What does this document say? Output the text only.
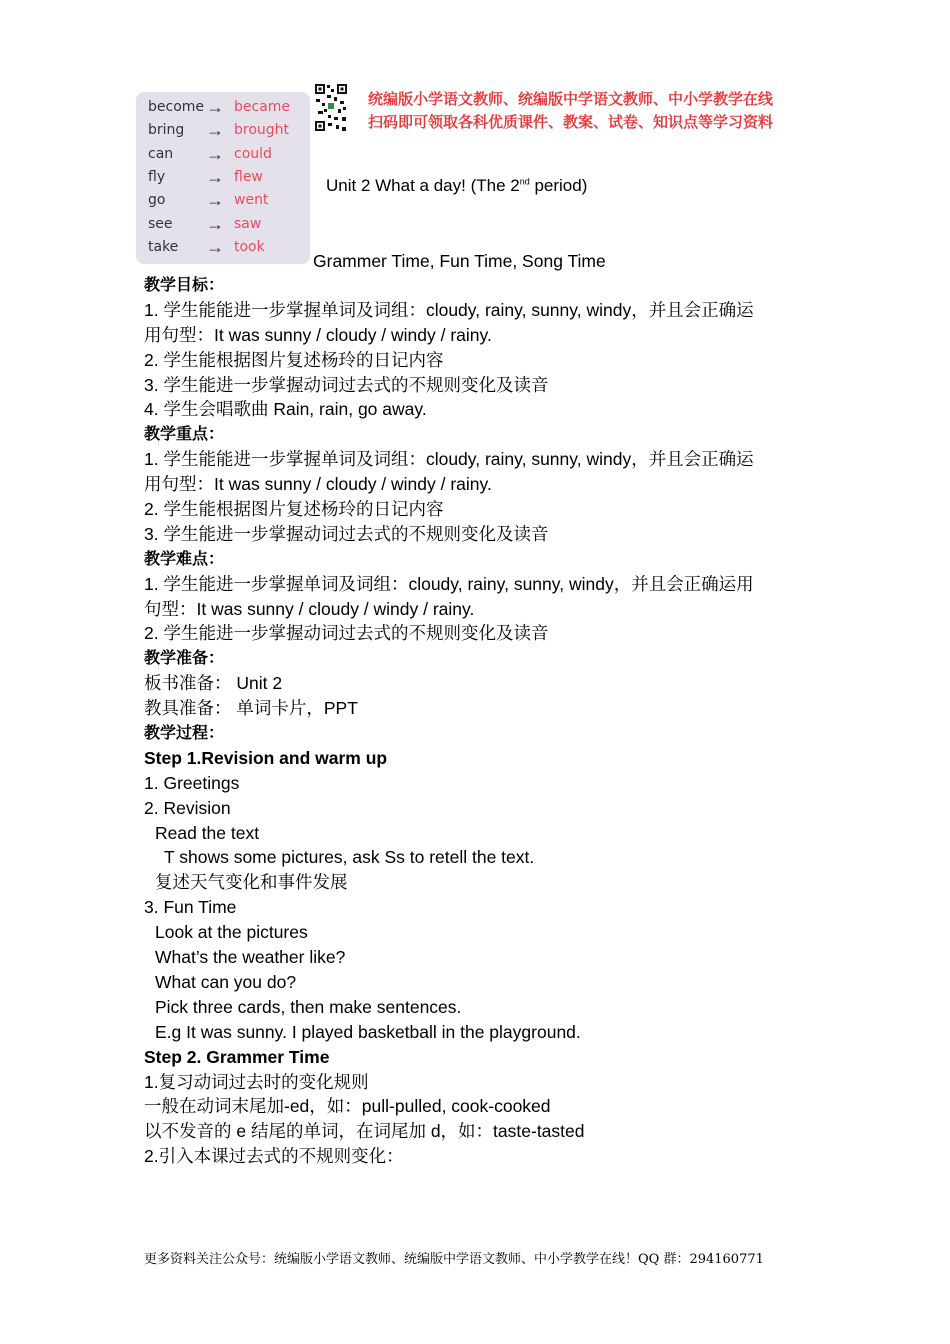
become → became
bring → brought
can → could
fly → flew
go → went
see → saw
take → took
统编版小学语文教师、统编版中学语文教师、中小学教学在线
扫码即可领取各科优质课件、教案、试卷、知识点等学习资料
Unit 2 What a day! (The 2nd period)
Grammer Time, Fun Time, Song Time
教学目标：
1. 学生能能进一步掌握单词及词组：cloudy, rainy, sunny, windy，并且会正确运
用句型：It was sunny / cloudy / windy / rainy.
2. 学生能根据图片复述杨玲的日记内容
3. 学生能进一步掌握动词过去式的不规则变化及读音
4. 学生会唱歌曲 Rain, rain, go away.
教学重点：
1. 学生能能进一步掌握单词及词组：cloudy, rainy, sunny, windy，并且会正确运
用句型：It was sunny / cloudy / windy / rainy.
2. 学生能根据图片复述杨玲的日记内容
3. 学生能进一步掌握动词过去式的不规则变化及读音
教学难点：
1. 学生能进一步掌握单词及词组：cloudy, rainy, sunny, windy，并且会正确运用
句型：It was sunny / cloudy / windy / rainy.
2. 学生能进一步掌握动词过去式的不规则变化及读音
教学准备：
板书准备： Unit 2
教具准备： 单词卡片，PPT
教学过程：
Step 1.Revision and warm up
1. Greetings
2. Revision
Read the text
T shows some pictures, ask Ss to retell the text.
复述天气变化和事件发展
3. Fun Time
Look at the pictures
What’s the weather like?
What can you do?
Pick three cards, then make sentences.
E.g It was sunny. I played basketball in the playground.
Step 2. Grammer Time
1.复习动词过去时的变化规则
一般在动词末尾加-ed，如：pull-pulled, cook-cooked
以不发音的 e 结尾的单词，在词尾加 d，如：taste-tasted
2.引入本课过去式的不规则变化：
更多资料关注公众号：统编版小学语文教师、统编版中学语文教师、中小学教学在线！QQ 群：294160771
